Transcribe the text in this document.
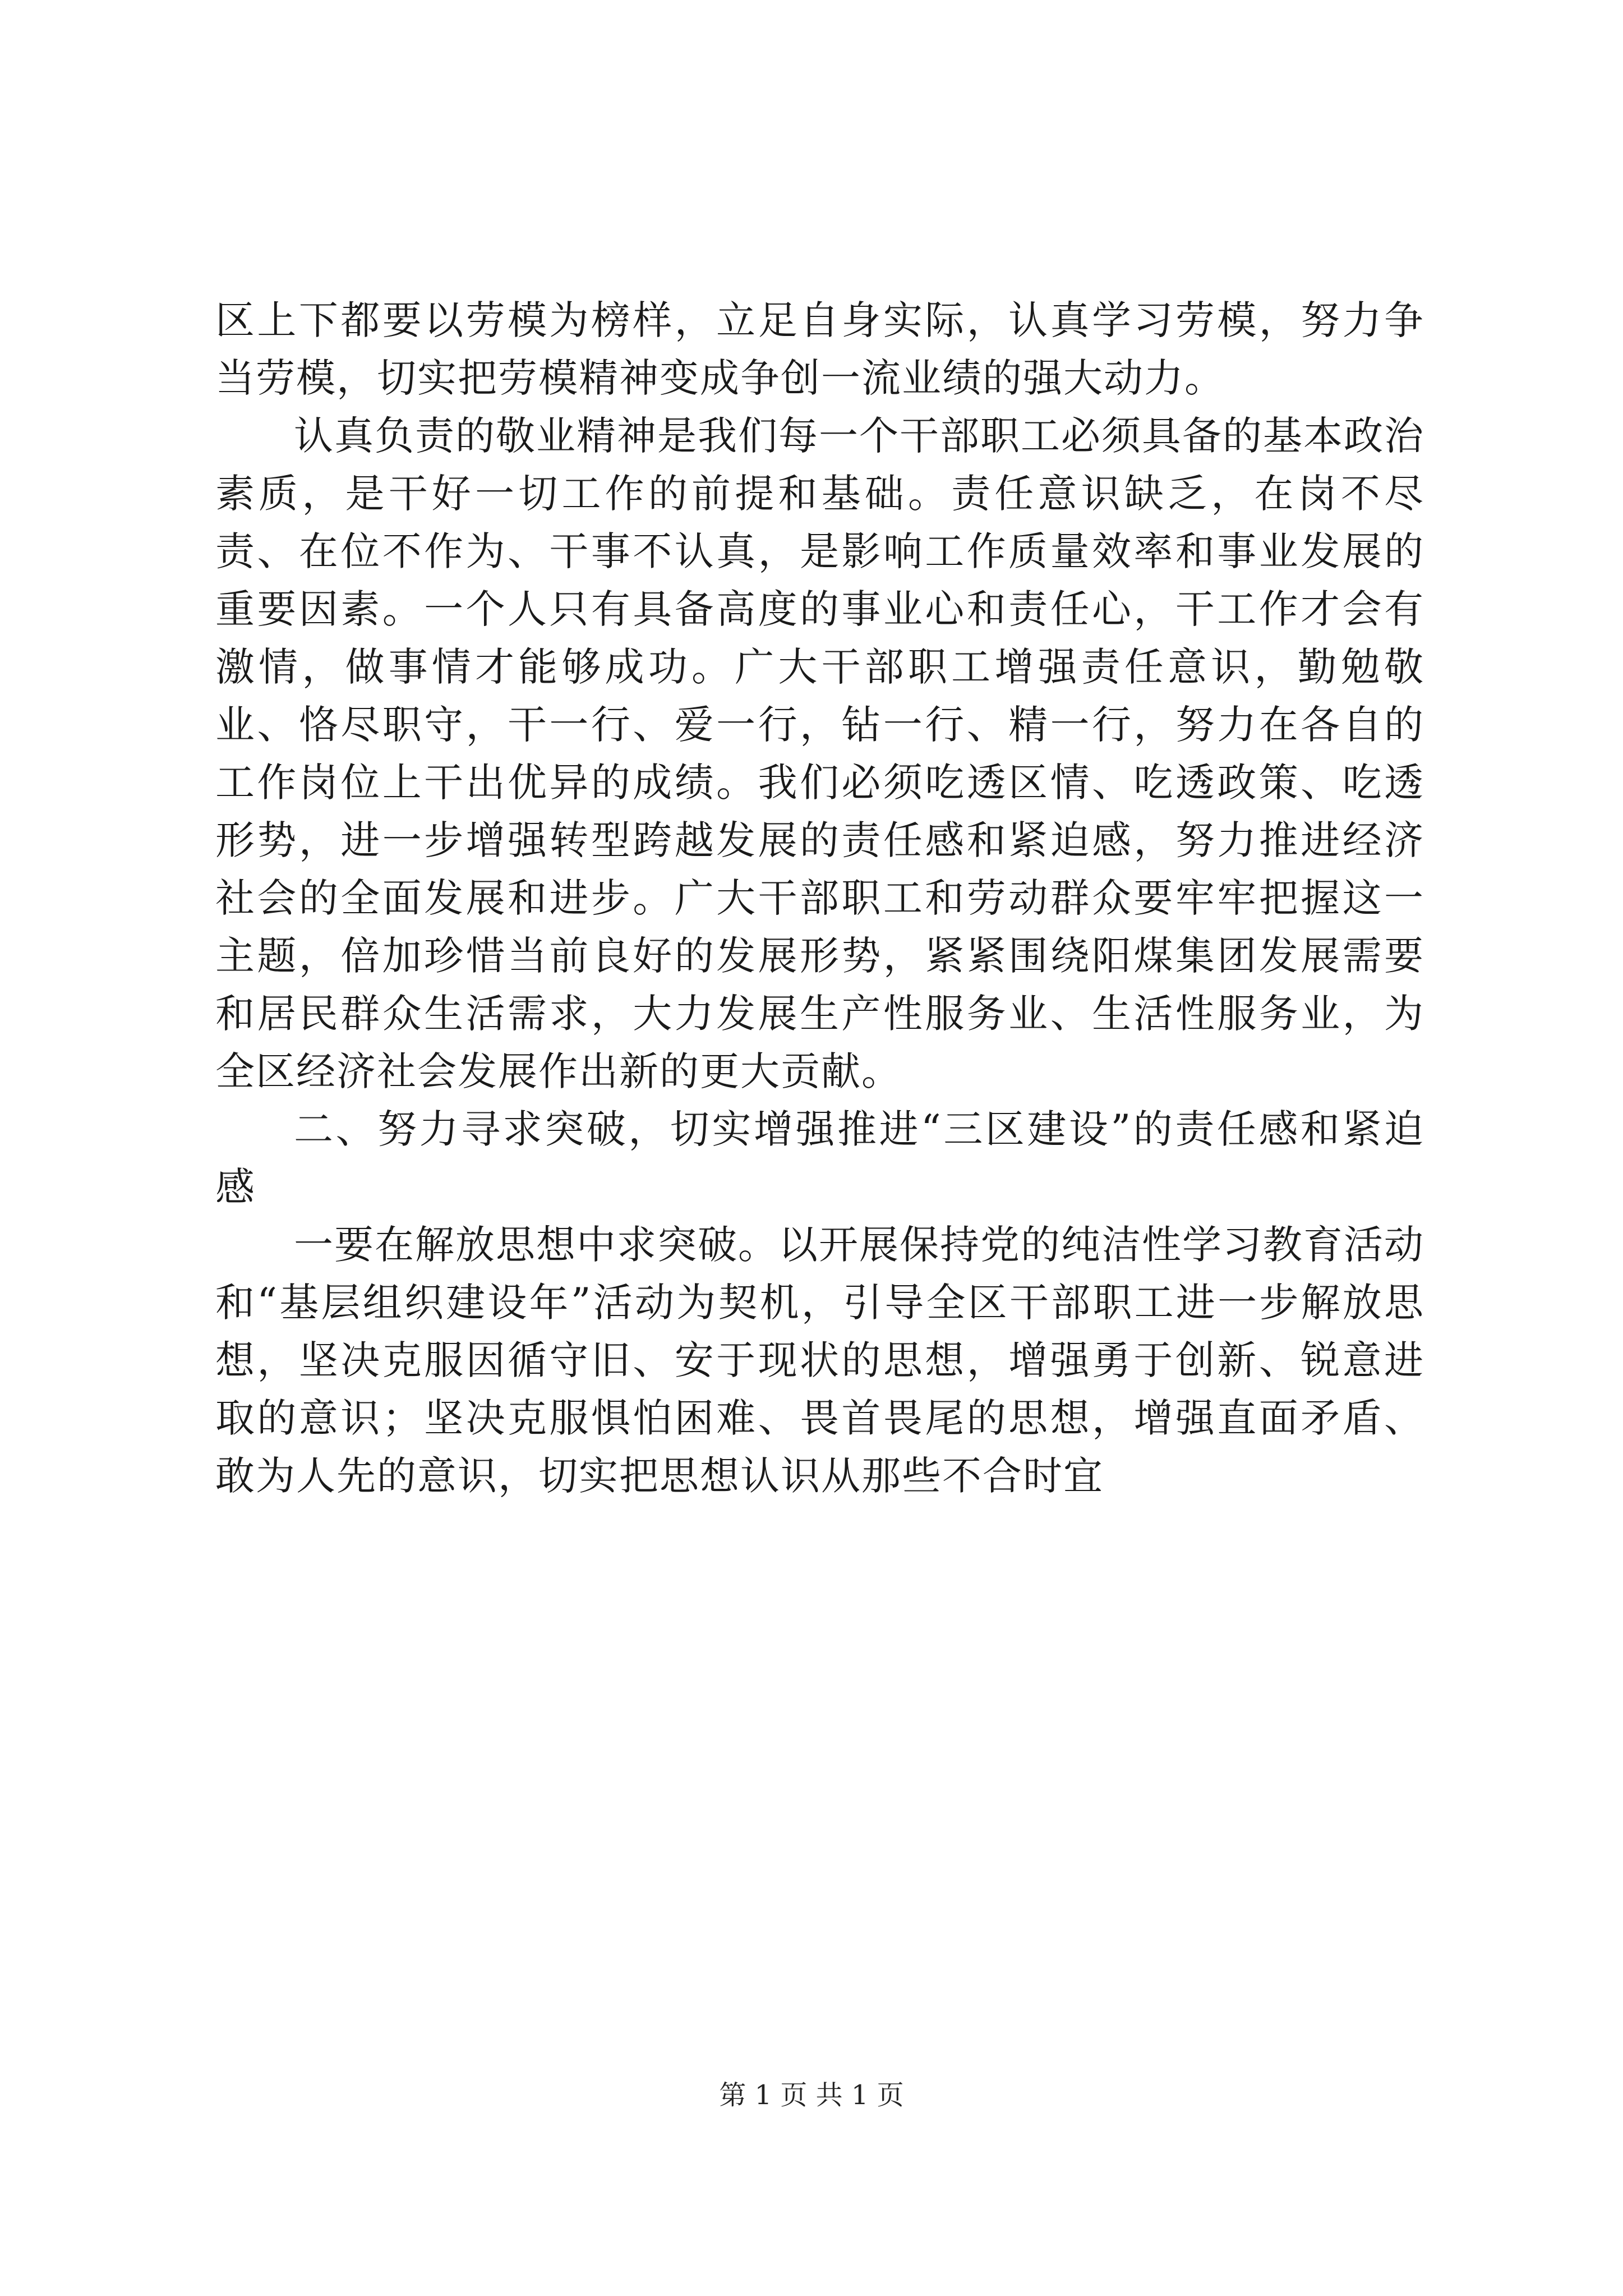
区上下都要以劳模为榜样，立足自身实际，认真学习劳模，努力争当劳模，切实把劳模精神变成争创一流业绩的强大动力。

认真负责的敬业精神是我们每一个干部职工必须具备的基本政治素质，是干好一切工作的前提和基础。责任意识缺乏，在岗不尽责、在位不作为、干事不认真，是影响工作质量效率和事业发展的重要因素。一个人只有具备高度的事业心和责任心，干工作才会有激情，做事情才能够成功。广大干部职工增强责任意识，勤勉敬业、恪尽职守，干一行、爱一行，钻一行、精一行，努力在各自的工作岗位上干出优异的成绩。我们必须吃透区情、吃透政策、吃透形势，进一步增强转型跨越发展的责任感和紧迫感，努力推进经济社会的全面发展和进步。广大干部职工和劳动群众要牢牢把握这一主题，倍加珍惜当前良好的发展形势，紧紧围绕阳煤集团发展需要和居民群众生活需求，大力发展生产性服务业、生活性服务业，为全区经济社会发展作出新的更大贡献。

二、努力寻求突破，切实增强推进“三区建设”的责任感和紧迫感

一要在解放思想中求突破。以开展保持党的纯洁性学习教育活动和“基层组织建设年”活动为契机，引导全区干部职工进一步解放思想，坚决克服因循守旧、安于现状的思想，增强勇于创新、锐意进取的意识；坚决克服惧怕困难、畏首畏尾的思想，增强直面矛盾、敢为人先的意识，切实把思想认识从那些不合时宜

第 1 页 共 1 页
